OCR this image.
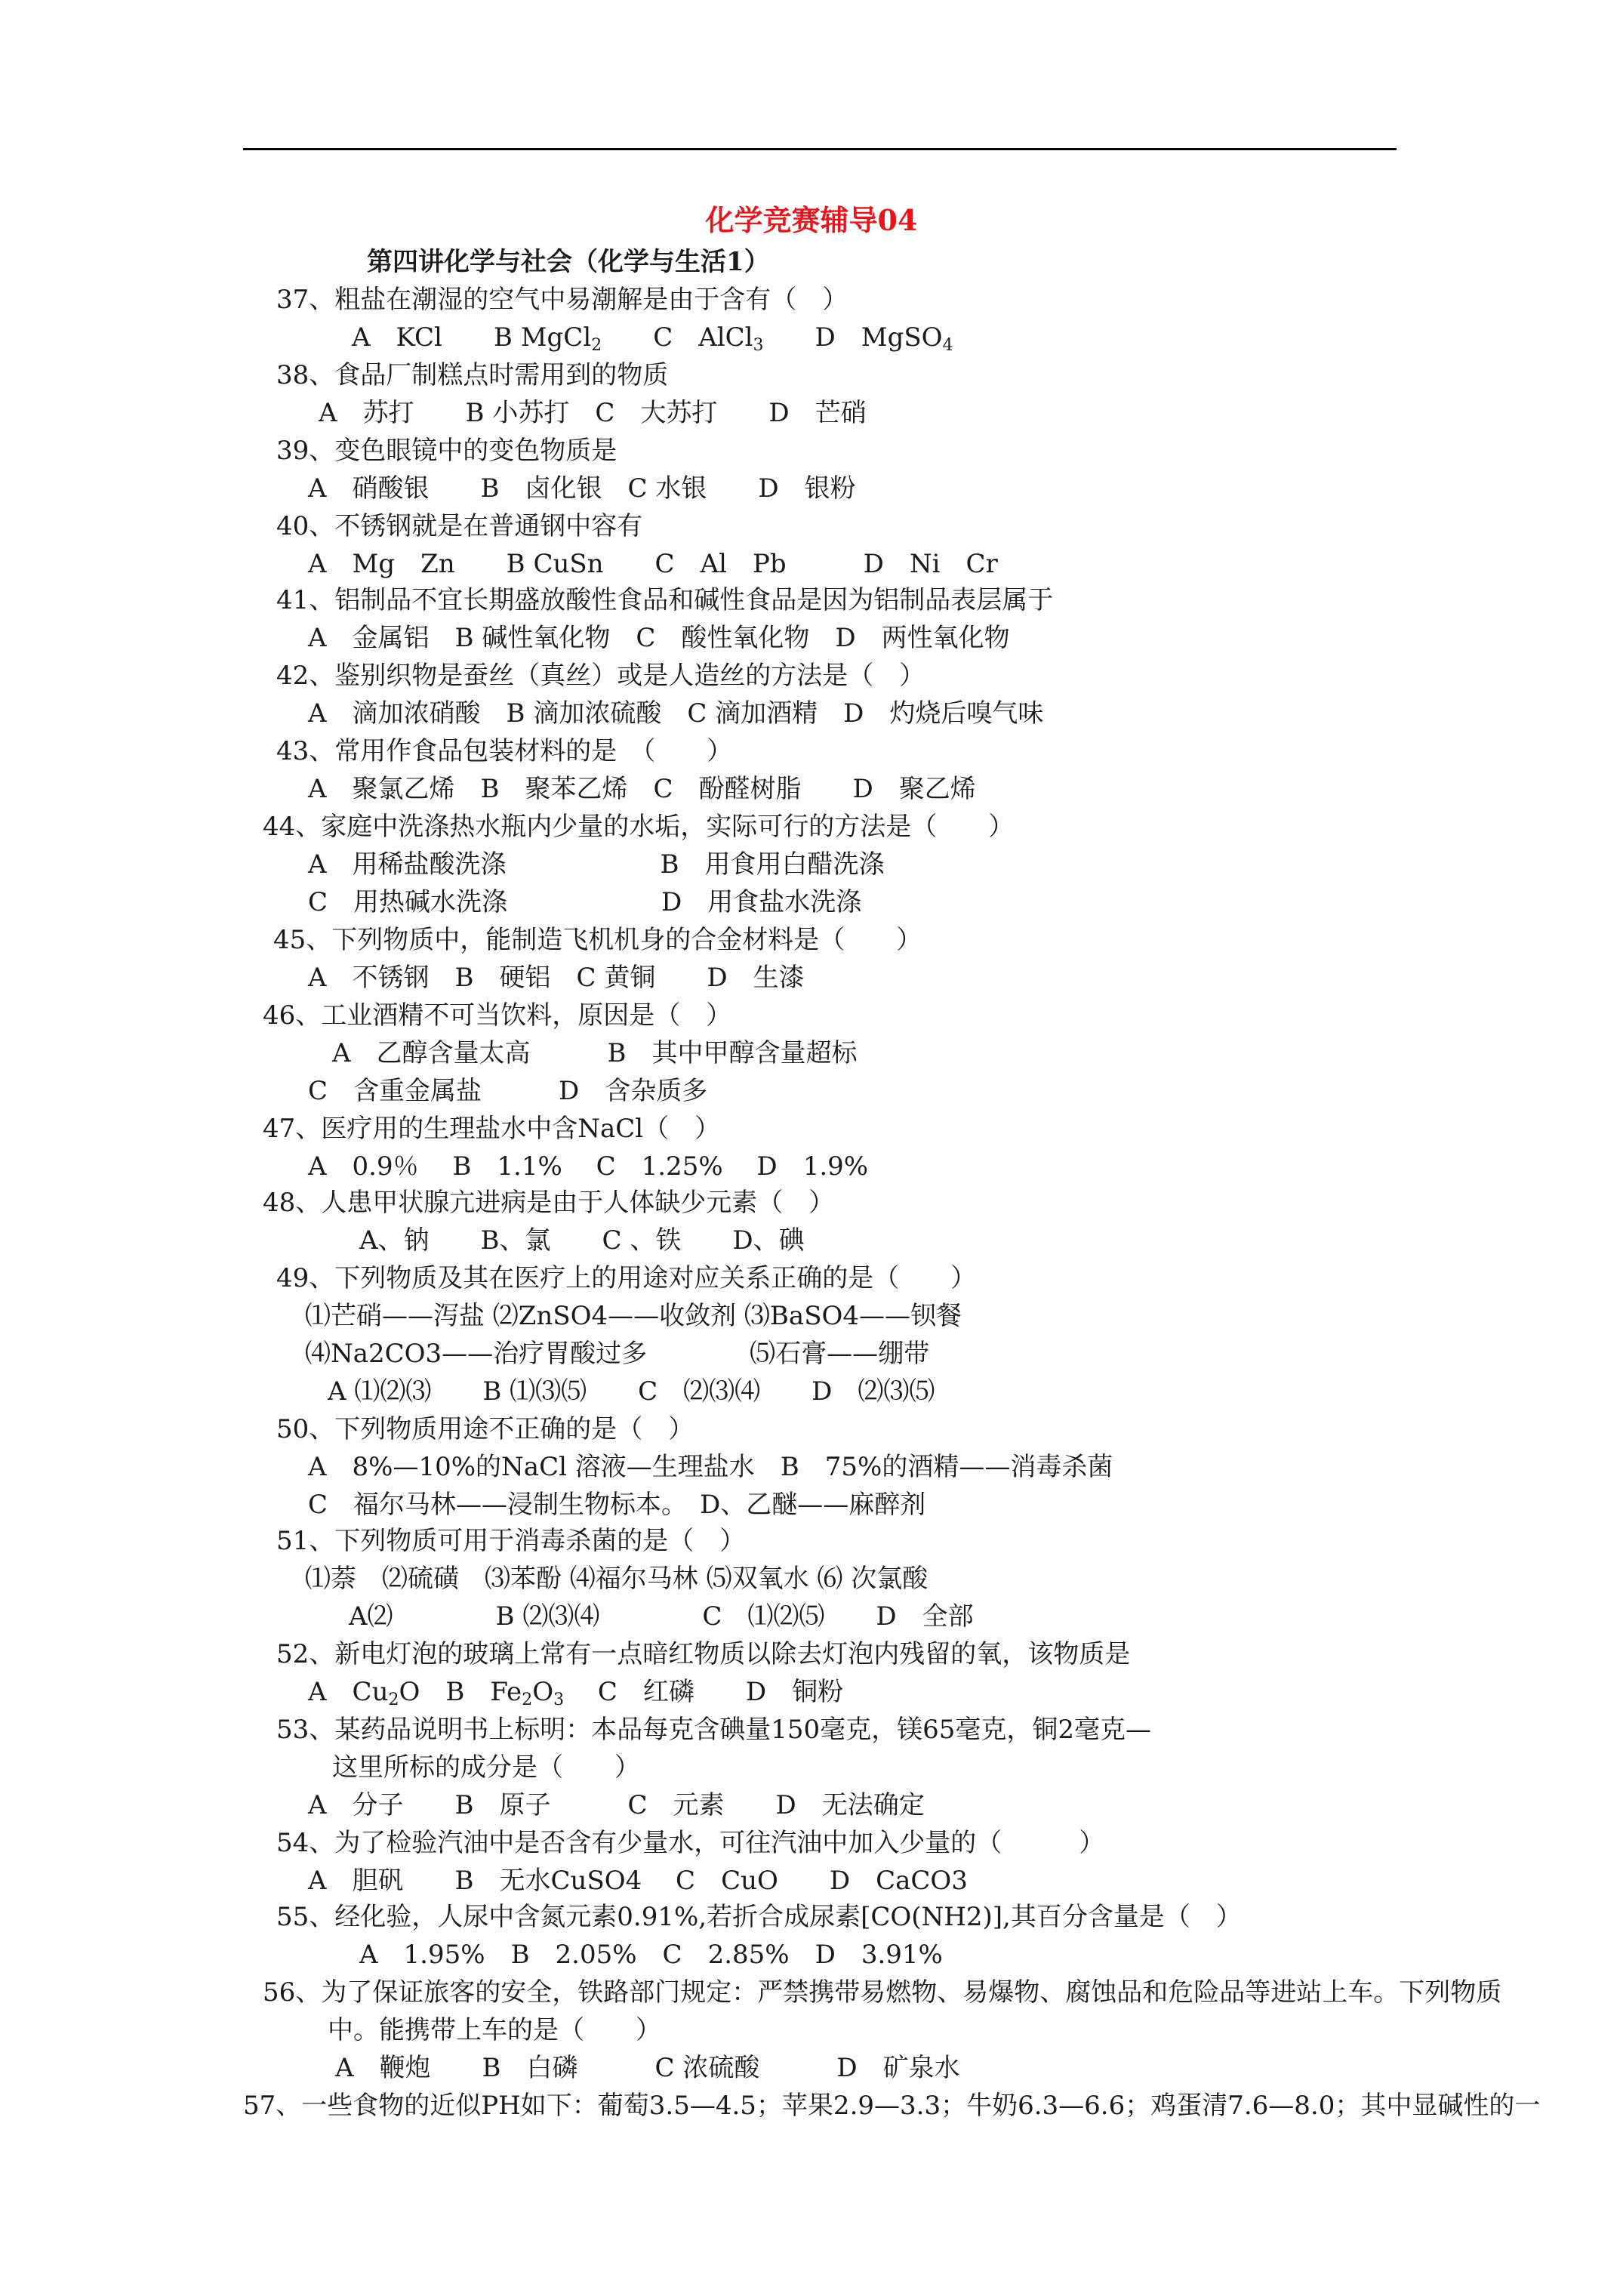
化学竞赛辅导04
第四讲化学与社会（化学与生活1）
37、粗盐在潮湿的空气中易潮解是由于含有（　）
A　KCl　　B MgCl$_2$　　C　AlCl$_3$　　D　MgSO$_4$
38、食品厂制糕点时需用到的物质
A　苏打　　B 小苏打　C　大苏打　　D　芒硝
39、变色眼镜中的变色物质是
A　硝酸银　　B　卤化银　C 水银　　D　银粉
40、不锈钢就是在普通钢中容有
A　Mg　Zn　　B CuSn　　C　Al　Pb　　　D　Ni　Cr
41、铝制品不宜长期盛放酸性食品和碱性食品是因为铝制品表层属于
A　金属铝　B 碱性氧化物　C　酸性氧化物　D　两性氧化物
42、鉴别织物是蚕丝（真丝）或是人造丝的方法是（　）
A　滴加浓硝酸　B 滴加浓硫酸　C 滴加酒精　D　灼烧后嗅气味
43、常用作食品包装材料的是　（　　）
A　聚氯乙烯　B　聚苯乙烯　C　酚醛树脂　　D　聚乙烯
44、家庭中洗涤热水瓶内少量的水垢，实际可行的方法是（　　）
A　用稀盐酸洗涤　　　　　　B　用食用白醋洗涤
C　用热碱水洗涤　　　　　　D　用食盐水洗涤
45、下列物质中，能制造飞机机身的合金材料是（　　）
A　不锈钢　B　硬铝　C 黄铜　　D　生漆
46、工业酒精不可当饮料，原因是（　）
A　乙醇含量太高　　　B　其中甲醇含量超标
C　含重金属盐　　　D　含杂质多
47、医疗用的生理盐水中含NaCl（　）
A　0.9％　 B　1.1%　 C　1.25%　 D　1.9%
48、人患甲状腺亢进病是由于人体缺少元素（　）
A、钠　　B、氯　　C 、铁　　D、碘
49、下列物质及其在医疗上的用途对应关系正确的是（　　）
⑴芒硝——泻盐 ⑵ZnSO4——收敛剂 ⑶BaSO4——钡餐
⑷Na2CO3——治疗胃酸过多　　　　⑸石膏——绷带
A ⑴⑵⑶　　B ⑴⑶⑸　　C　⑵⑶⑷　　D　⑵⑶⑸
50、下列物质用途不正确的是（　）
A　8%—10%的NaCl 溶液—生理盐水　B　75%的酒精——消毒杀菌
C　福尔马林——浸制生物标本。　D、乙醚——麻醉剂
51、下列物质可用于消毒杀菌的是（　）
⑴萘　⑵硫磺　⑶苯酚 ⑷福尔马林 ⑸双氧水 ⑹ 次氯酸
A⑵　　　　B ⑵⑶⑷　　　　C　⑴⑵⑸　　D　全部
52、新电灯泡的玻璃上常有一点暗红物质以除去灯泡内残留的氧，该物质是
A　$Cu_2O$　B　$Fe_2O_3$　 C　红磷　　D　铜粉
53、某药品说明书上标明：本品每克含碘量150毫克，镁65毫克，铜2毫克—
这里所标的成分是（　　）
A　分子　　B　原子　　　C　元素　　D　无法确定
54、为了检验汽油中是否含有少量水，可往汽油中加入少量的（　　　）
A　胆矾　　B　无水CuSO4　 C　CuO　　D　CaCO3
55、经化验，人尿中含氮元素0.91%,若折合成尿素[CO(NH2)],其百分含量是（　）
A　1.95%　B　2.05%　C　2.85%　D　3.91%
56、为了保证旅客的安全，铁路部门规定：严禁携带易燃物、易爆物、腐蚀品和危险品等进站上车。下列物质
中。能携带上车的是（　　）
A　鞭炮　　B　白磷　　　C 浓硫酸　　　D　矿泉水
57、一些食物的近似PH如下：葡萄3.5—4.5；苹果2.9—3.3；牛奶6.3—6.6；鸡蛋清7.6—8.0；其中显碱性的一
